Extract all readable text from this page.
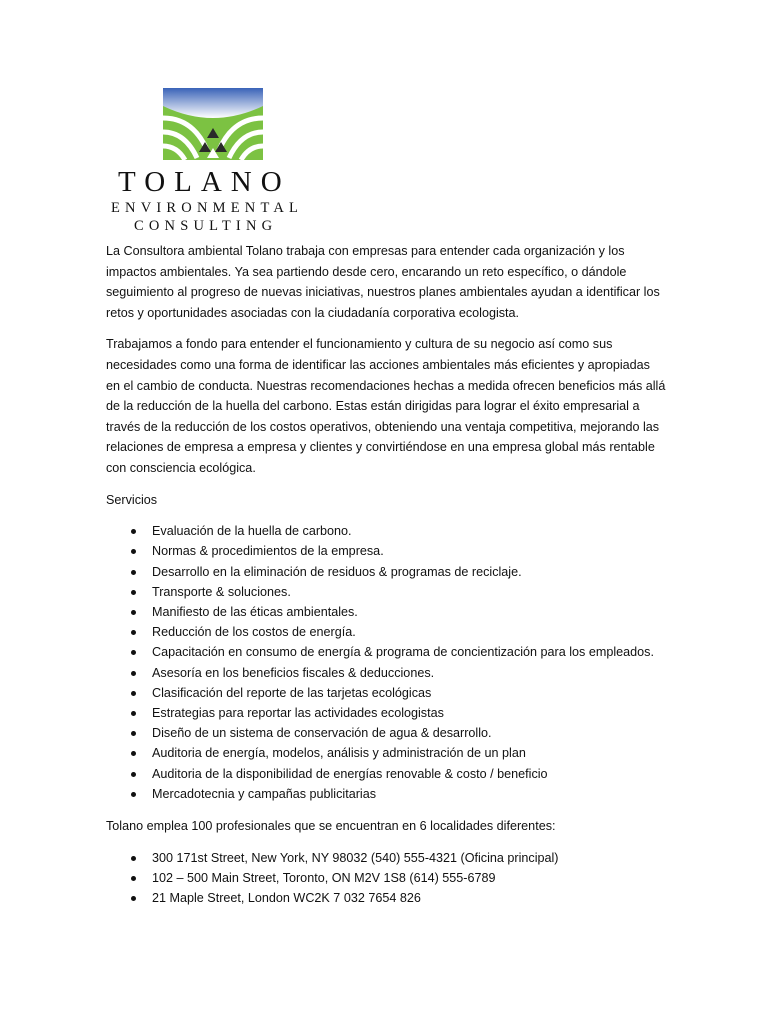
TOLANO
ENVIRONMENTAL
CONSULTING

La Consultora ambiental Tolano trabaja con empresas para entender cada organización y los impactos ambientales. Ya sea partiendo desde cero, encarando un reto específico, o dándole seguimiento al progreso de nuevas iniciativas, nuestros planes ambientales ayudan a identificar los retos y oportunidades asociadas con la ciudadanía corporativa ecologista.

Trabajamos a fondo para entender el funcionamiento y cultura de su negocio así como sus necesidades como una forma de identificar las acciones ambientales más eficientes y apropiadas en el cambio de conducta. Nuestras recomendaciones hechas a medida ofrecen beneficios más allá de la reducción de la huella del carbono. Estas están dirigidas para lograr el éxito empresarial a través de la reducción de los costos operativos, obteniendo una ventaja competitiva, mejorando las relaciones de empresa a empresa y clientes y convirtiéndose en una empresa global más rentable con consciencia ecológica.

Servicios

Evaluación de la huella de carbono.
Normas & procedimientos de la empresa.
Desarrollo en la eliminación de residuos & programas de reciclaje.
Transporte & soluciones.
Manifiesto de las éticas ambientales.
Reducción de los costos de energía.
Capacitación en consumo de energía & programa de concientización para los empleados.
Asesoría en los beneficios fiscales & deducciones.
Clasificación del reporte de las tarjetas ecológicas
Estrategias para reportar las actividades ecologistas
Diseño de un sistema de conservación de agua & desarrollo.
Auditoria de energía, modelos, análisis y administración de un plan
Auditoria de la disponibilidad de energías renovable & costo / beneficio
Mercadotecnia y campañas publicitarias

Tolano emplea 100 profesionales que se encuentran en 6 localidades diferentes:

300 171st Street, New York, NY 98032 (540) 555-4321 (Oficina principal)
102 – 500 Main Street, Toronto, ON M2V 1S8 (614) 555-6789
21 Maple Street, London WC2K 7 032 7654 826
